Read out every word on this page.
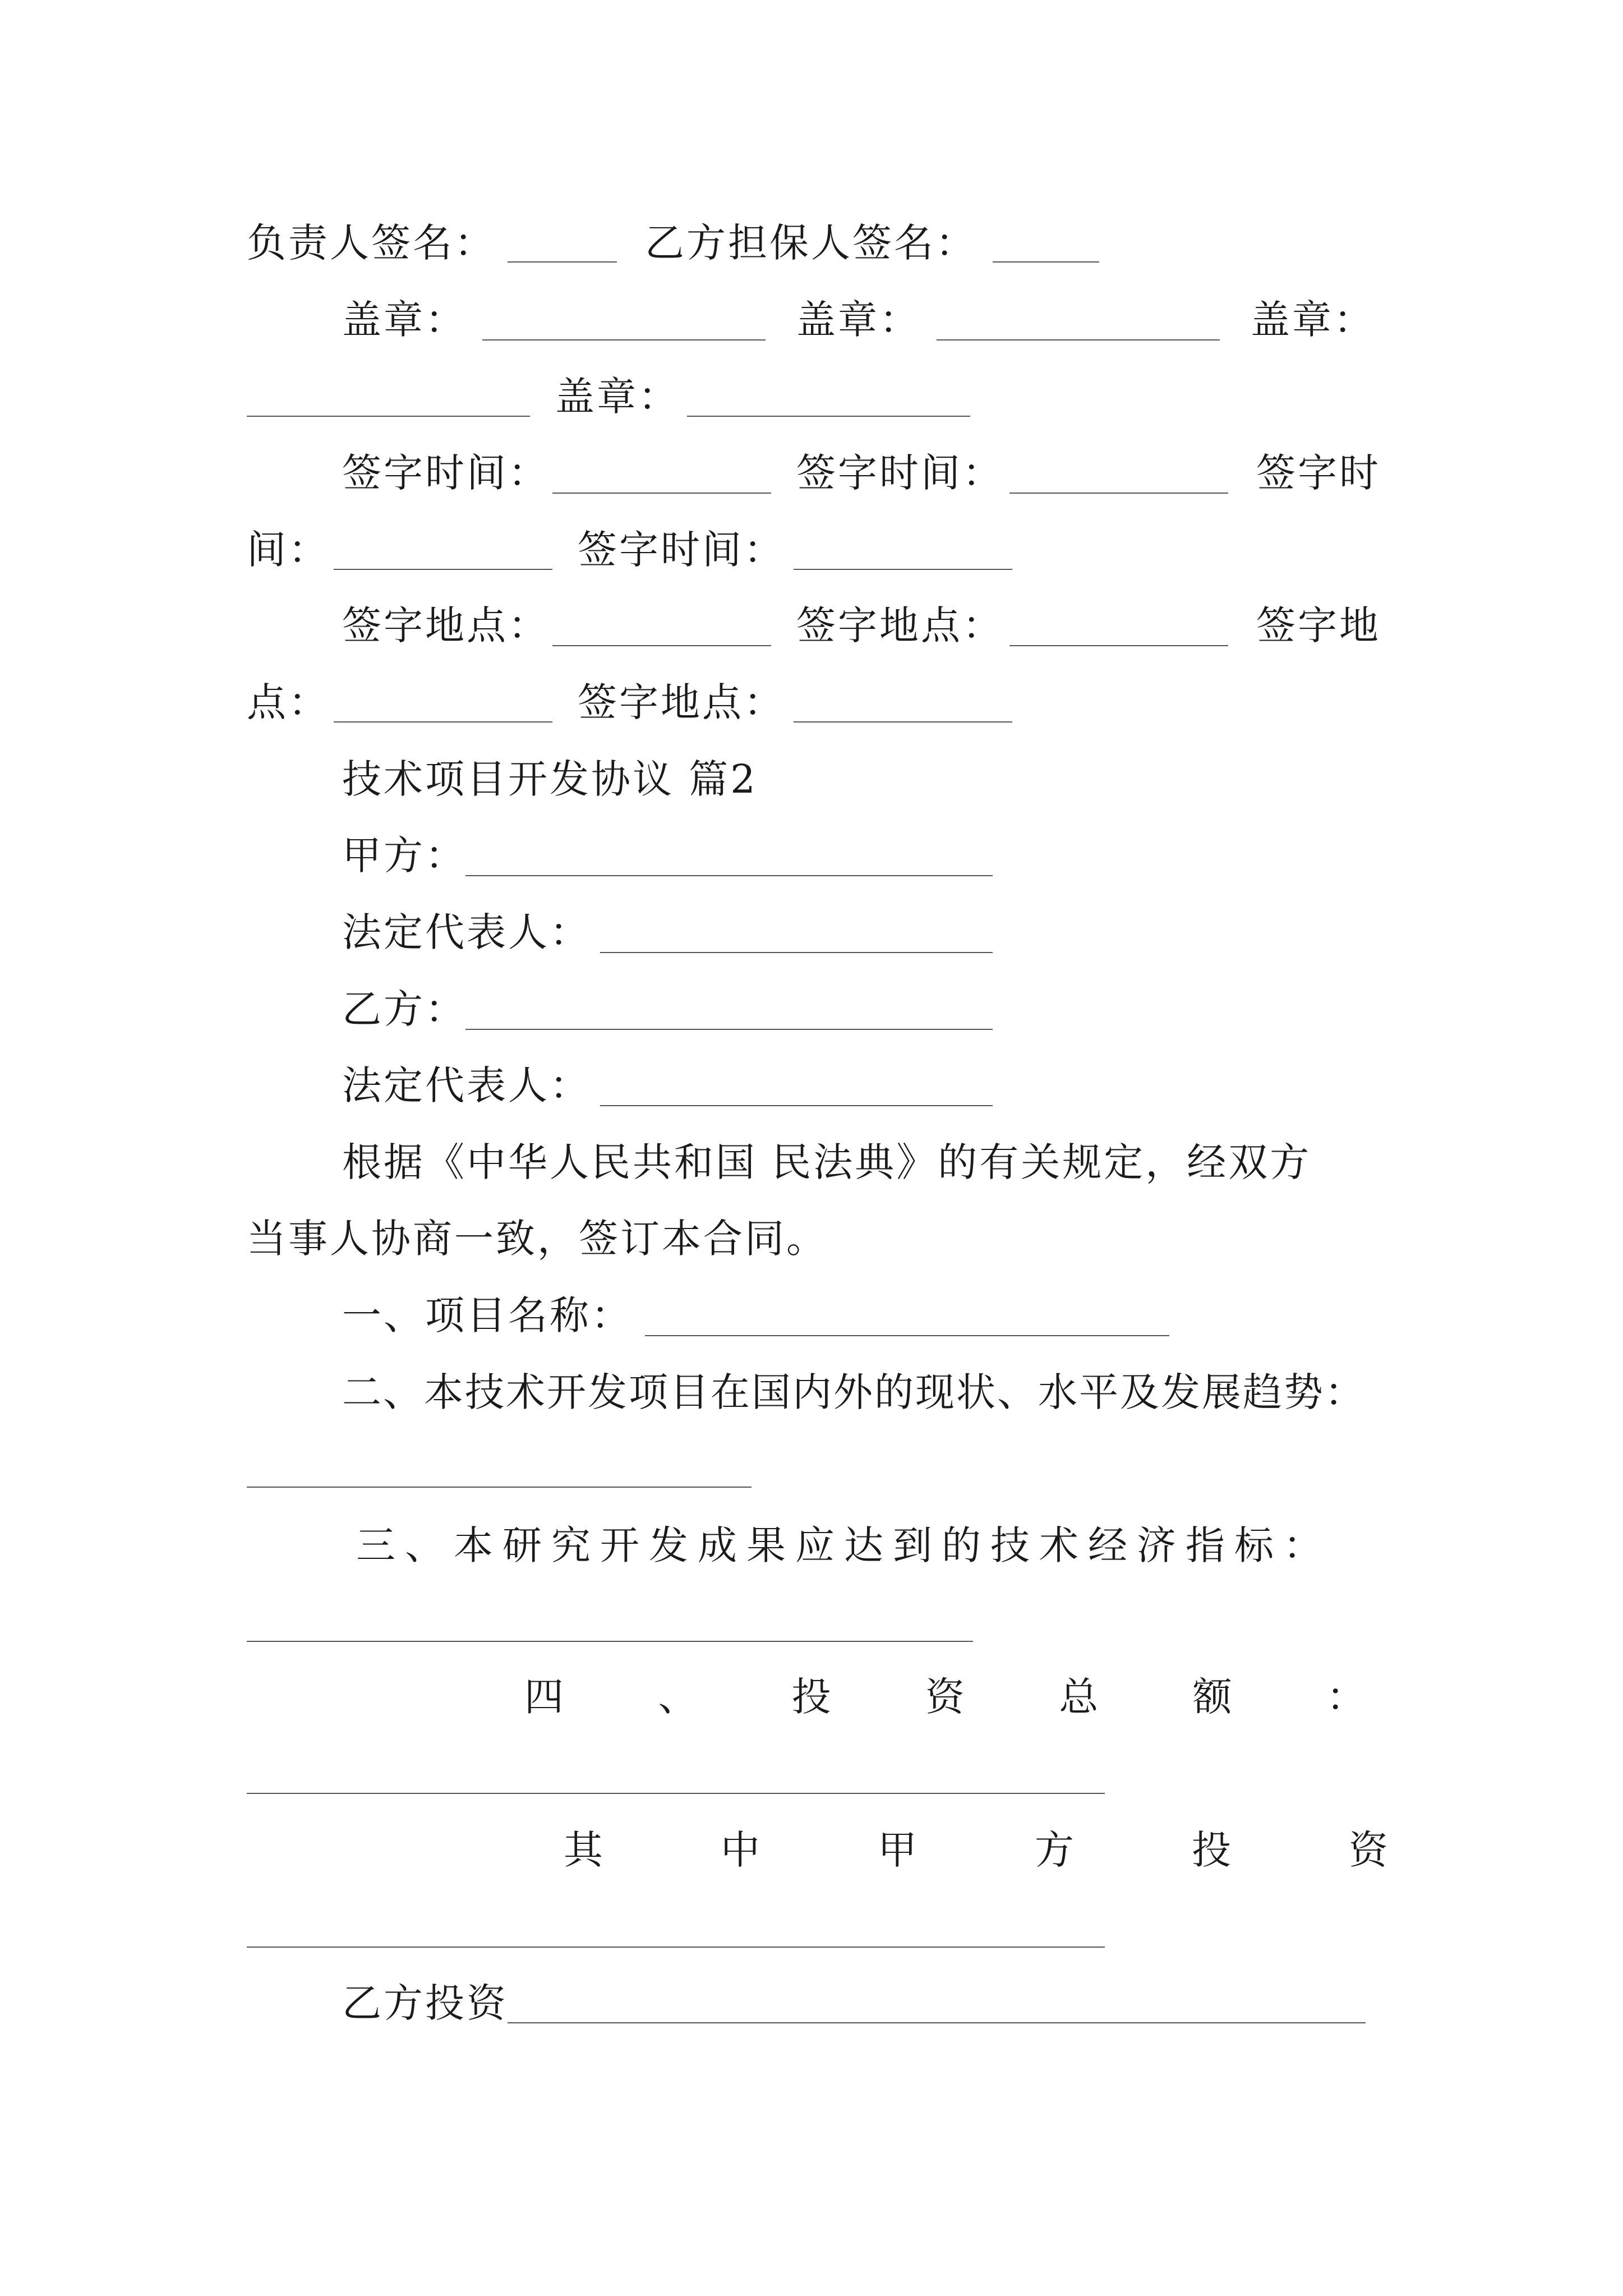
负责人签名：	乙方担保人签名：
盖章：	盖章：	盖章：
盖章：
签字时间：	签字时间：	签字时
间：	签字时间：
签字地点：	签字地点：	签字地
点：	签字地点：
技术项目开发协议 篇2
甲方：
法定代表人：
乙方：
法定代表人：
根据《中华人民共和国 民法典》的有关规定，经双方
当事人协商一致，签订本合同。
一、项目名称：
二、本技术开发项目在国内外的现状、水平及发展趋势：
三、本研究开发成果应达到的技术经济指标：
四 、 投 资 总 额 ：
其	中	甲	方	投	资
乙方投资
